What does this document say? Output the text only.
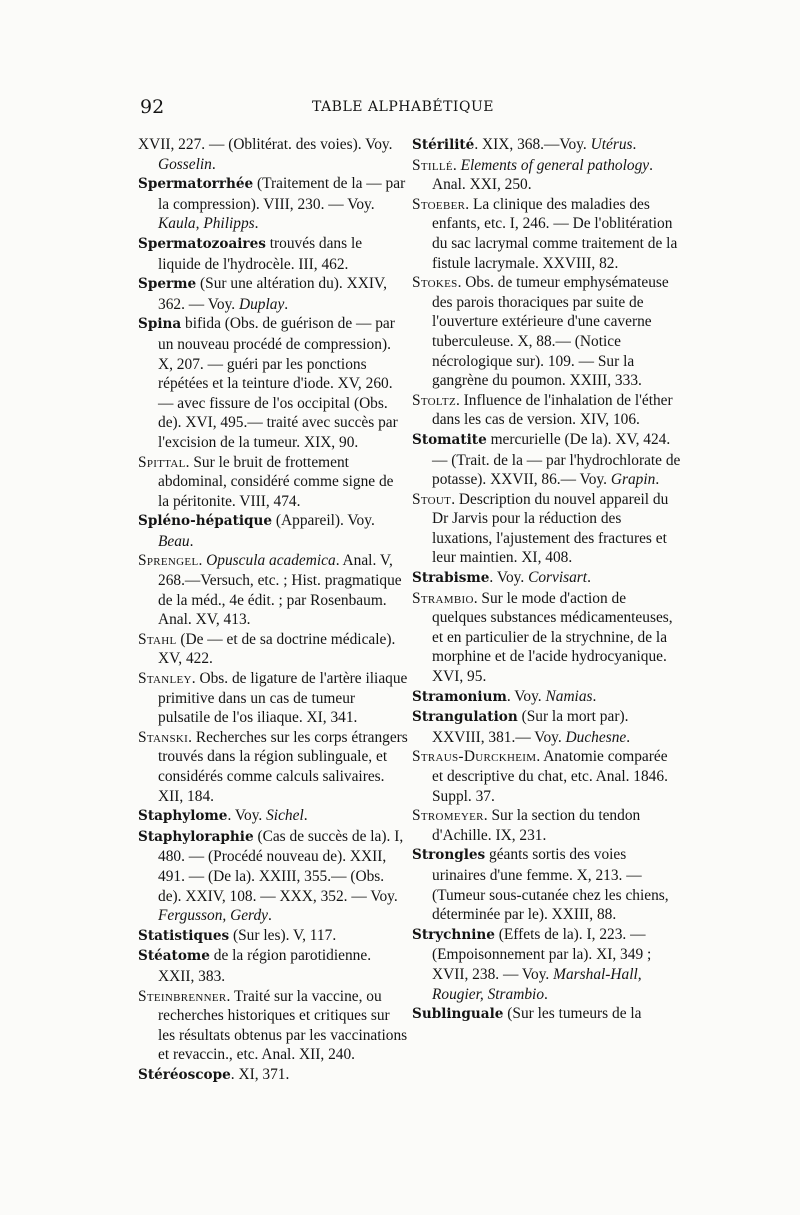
92	TABLE ALPHABÉTIQUE

XVII, 227. — (Oblitérat. des voies). Voy. Gosselin.

Spermatorrhée (Traitement de la — par la compression). VIII, 230. — Voy. Kaula, Philipps.

Spermatozoaires trouvés dans le liquide de l'hydrocèle. III, 462.

Sperme (Sur une altération du). XXIV, 362. — Voy. Duplay.

Spina bifida (Obs. de guérison de — par un nouveau procédé de compression). X, 207. — guéri par les ponctions répétées et la teinture d'iode. XV, 260. — avec fissure de l'os occipital (Obs. de). XVI, 495.— traité avec succès par l'excision de la tumeur. XIX, 90.

Spittal. Sur le bruit de frottement abdominal, considéré comme signe de la péritonite. VIII, 474.

Spléno-hépatique (Appareil). Voy. Beau.

Sprengel. Opuscula academica. Anal. V, 268.—Versuch, etc. ; Hist. pragmatique de la méd., 4e édit. ; par Rosenbaum. Anal. XV, 413.

Stahl (De — et de sa doctrine médicale). XV, 422.

Stanley. Obs. de ligature de l'artère iliaque primitive dans un cas de tumeur pulsatile de l'os iliaque. XI, 341.

Stanski. Recherches sur les corps étrangers trouvés dans la région sublinguale, et considérés comme calculs salivaires. XII, 184.

Staphylome. Voy. Sichel.

Staphyloraphie (Cas de succès de la). I, 480. — (Procédé nouveau de). XXII, 491. — (De la). XXIII, 355.— (Obs. de). XXIV, 108. — XXX, 352. — Voy. Fergusson, Gerdy.

Statistiques (Sur les). V, 117.

Stéatome de la région parotidienne. XXII, 383.

Steinbrenner. Traité sur la vaccine, ou recherches historiques et critiques sur les résultats obtenus par les vaccinations et revaccin., etc. Anal. XII, 240.

Stéréoscope. XI, 371.

Stérilité. XIX, 368.—Voy. Utérus.

Stillé. Elements of general pathology. Anal. XXI, 250.

Stoeber. La clinique des maladies des enfants, etc. I, 246. — De l'oblitération du sac lacrymal comme traitement de la fistule lacrymale. XXVIII, 82.

Stokes. Obs. de tumeur emphysémateuse des parois thoraciques par suite de l'ouverture extérieure d'une caverne tuberculeuse. X, 88.— (Notice nécrologique sur). 109. — Sur la gangrène du poumon. XXIII, 333.

Stoltz. Influence de l'inhalation de l'éther dans les cas de version. XIV, 106.

Stomatite mercurielle (De la). XV, 424. — (Trait. de la — par l'hydrochlorate de potasse). XXVII, 86.— Voy. Grapin.

Stout. Description du nouvel appareil du Dr Jarvis pour la réduction des luxations, l'ajustement des fractures et leur maintien. XI, 408.

Strabisme. Voy. Corvisart.

Strambio. Sur le mode d'action de quelques substances médicamenteuses, et en particulier de la strychnine, de la morphine et de l'acide hydrocyanique. XVI, 95.

Stramonium. Voy. Namias.

Strangulation (Sur la mort par). XXVIII, 381.— Voy. Duchesne.

Straus-Durckheim. Anatomie comparée et descriptive du chat, etc. Anal. 1846. Suppl. 37.

Stromeyer. Sur la section du tendon d'Achille. IX, 231.

Strongles géants sortis des voies urinaires d'une femme. X, 213. — (Tumeur sous-cutanée chez les chiens, déterminée par le). XXIII, 88.

Strychnine (Effets de la). I, 223. — (Empoisonnement par la). XI, 349 ; XVII, 238. — Voy. Marshal-Hall, Rougier, Strambio.

Sublinguale (Sur les tumeurs de la
